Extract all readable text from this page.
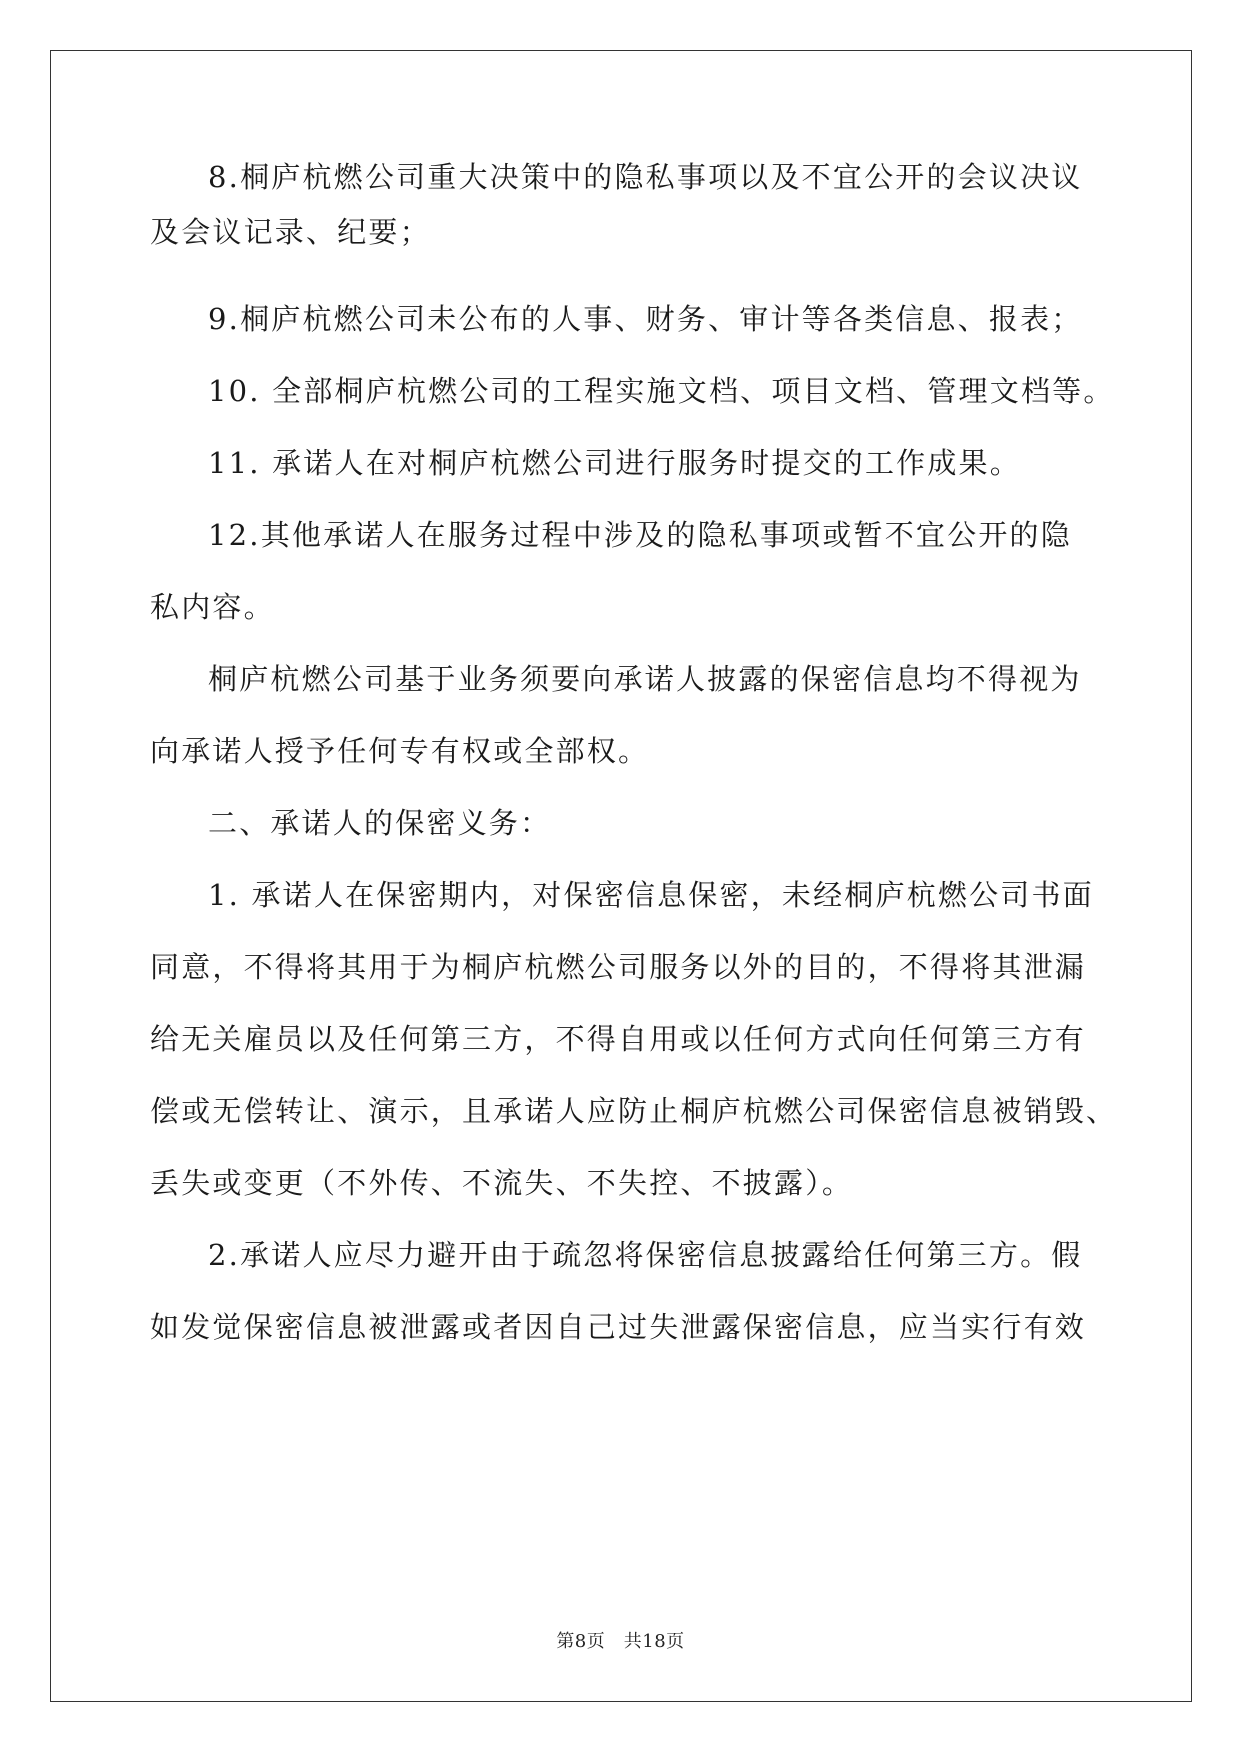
8.桐庐杭燃公司重大决策中的隐私事项以及不宜公开的会议决议
及会议记录、纪要；
9.桐庐杭燃公司未公布的人事、财务、审计等各类信息、报表；
10. 全部桐庐杭燃公司的工程实施文档、项目文档、管理文档等。
11. 承诺人在对桐庐杭燃公司进行服务时提交的工作成果。
12.其他承诺人在服务过程中涉及的隐私事项或暂不宜公开的隐
私内容。
桐庐杭燃公司基于业务须要向承诺人披露的保密信息均不得视为
向承诺人授予任何专有权或全部权。
二、承诺人的保密义务：
1. 承诺人在保密期内，对保密信息保密，未经桐庐杭燃公司书面
同意，不得将其用于为桐庐杭燃公司服务以外的目的，不得将其泄漏
给无关雇员以及任何第三方，不得自用或以任何方式向任何第三方有
偿或无偿转让、演示，且承诺人应防止桐庐杭燃公司保密信息被销毁、
丢失或变更（不外传、不流失、不失控、不披露）。
2.承诺人应尽力避开由于疏忽将保密信息披露给任何第三方。假
如发觉保密信息被泄露或者因自己过失泄露保密信息，应当实行有效
第8页　共18页
